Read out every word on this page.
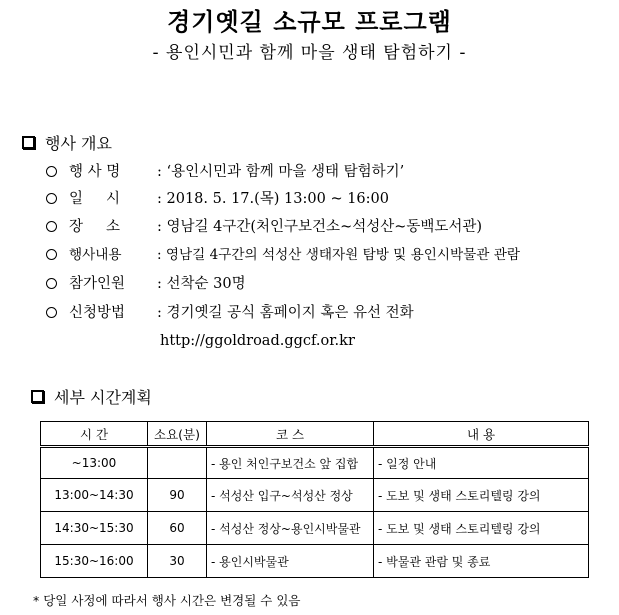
경기옛길 소규모 프로그램
- 용인시민과 함께 마을 생태 탐험하기 -
행사 개요
행 사 명	: ‘용인시민과 함께 마을 생태 탐험하기’
일     시	: 2018. 5. 17.(목) 13:00 ~ 16:00
장     소	: 영남길 4구간(처인구보건소~석성산~동백도서관)
행사내용	: 영남길 4구간의 석성산 생태자원 탐방 및 용인시박물관 관람
참가인원 : 선착순 30명
신청방법 : 경기옛길 공식 홈페이지 혹은 유선 전화
http://ggoldroad.ggcf.or.kr
세부 시간계획
시 간	소요(분)	코 스	내 용
~13:00		- 용인 처인구보건소 앞 집합	- 일정 안내
13:00~14:30	90	- 석성산 입구~석성산 정상	- 도보 및 생태 스토리텔링 강의
14:30~15:30	60	- 석성산 정상~용인시박물관	- 도보 및 생태 스토리텔링 강의
15:30~16:00	30	- 용인시박물관	- 박물관 관람 및 종료
* 당일 사정에 따라서 행사 시간은 변경될 수 있음
